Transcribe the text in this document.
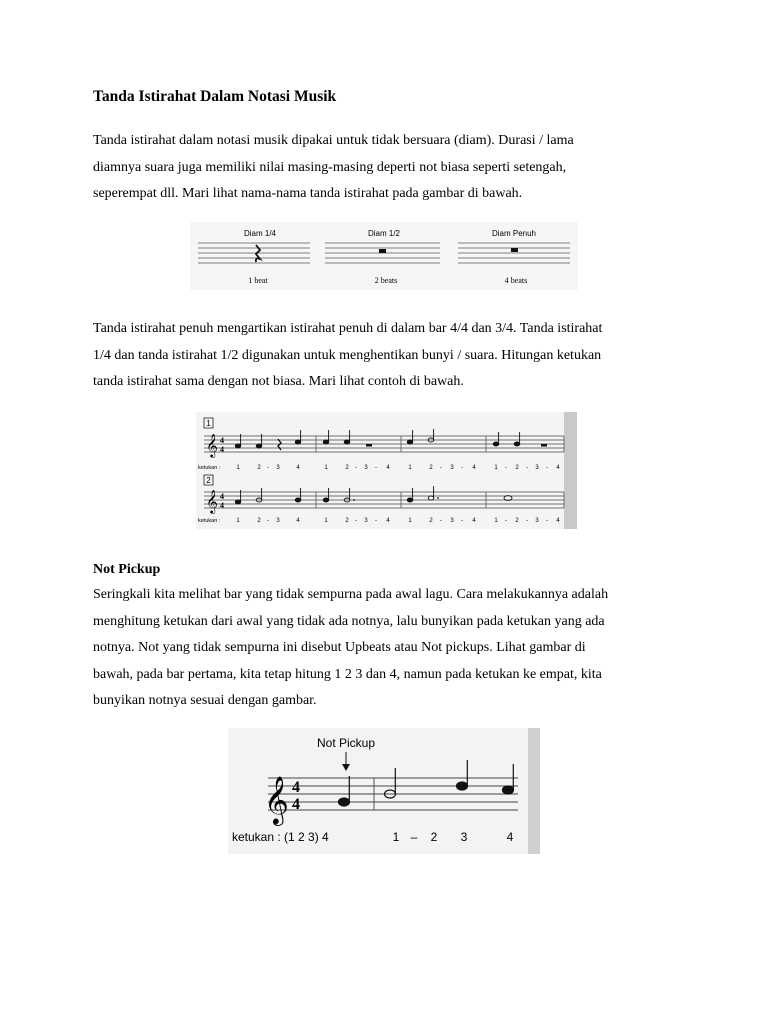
Tanda Istirahat Dalam Notasi Musik

Tanda istirahat dalam notasi musik dipakai untuk tidak bersuara (diam). Durasi / lama
diamnya suara juga memiliki nilai masing-masing deperti not biasa seperti setengah,
seperempat dll. Mari lihat nama-nama tanda istirahat pada gambar di bawah.

Diam 1/4	Diam 1/2	Diam Penuh
1 beat	2 beats	4 beats

Tanda istirahat penuh mengartikan istirahat penuh di dalam bar 4/4 dan 3/4. Tanda istirahat
1/4 dan tanda istirahat 1/2 digunakan untuk menghentikan bunyi / suara. Hitungan ketukan
tanda istirahat sama dengan not biasa. Mari lihat contoh di bawah.

1
𝄞 4
4
ketukan :	1	2 - 3	4	1	2 - 3 - 4	1	2 - 3 - 4	1 - 2 - 3 - 4
2
𝄞 4
4
ketukan :	1	2 - 3	4	1	2 - 3 - 4	1	2 - 3 - 4	1 - 2 - 3 - 4
Not Pickup

Seringkali kita melihat bar yang tidak sempurna pada awal lagu. Cara melakukannya adalah
menghitung ketukan dari awal yang tidak ada notnya, lalu bunyikan pada ketukan yang ada
notnya. Not yang tidak sempurna ini disebut Upbeats atau Not pickups. Lihat gambar di
bawah, pada bar pertama, kita tetap hitung 1 2 3 dan 4, namun pada ketukan ke empat, kita
bunyikan notnya sesuai dengan gambar.

Not Pickup
𝄞 4
4
ketukan : (1 2 3) 4	1 – 2 3	4
